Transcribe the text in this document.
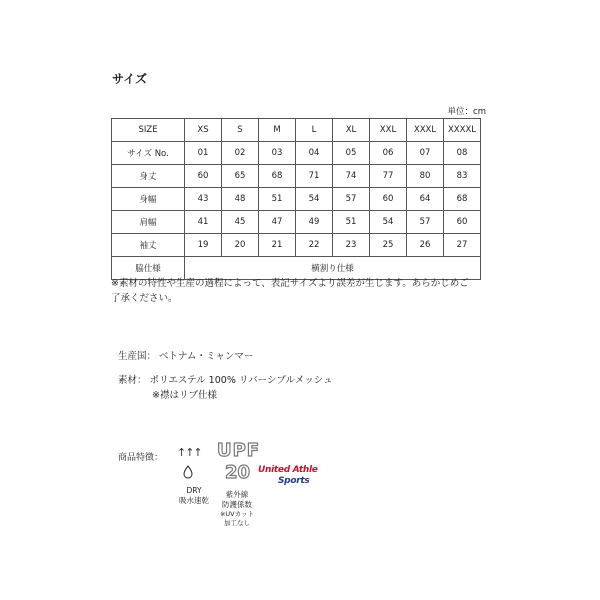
サイズ
単位：cm
SIZE	XS	S	M	L	XL	XXL	XXXL	XXXXL
サイズ No.	01	02	03	04	05	06	07	08
身丈	60	65	68	71	74	77	80	83
身幅	43	48	51	54	57	60	64	68
肩幅	41	45	47	49	51	54	57	60
袖丈	19	20	21	22	23	25	26	27
脇仕様	横割り仕様							
※素材の特性や生産の過程によって、表記サイズより誤差が生じます。あらかじめご了承ください。
生産国： ベトナム・ミャンマー
素材： ポリエステル 100% リバーシブルメッシュ
※襟はリブ仕様
商品特徴： ↑↑↑
DRY
吸水速乾
UPF
20
紫外線
防護係数
※UVカット
加工なし
United Athle
Sports
